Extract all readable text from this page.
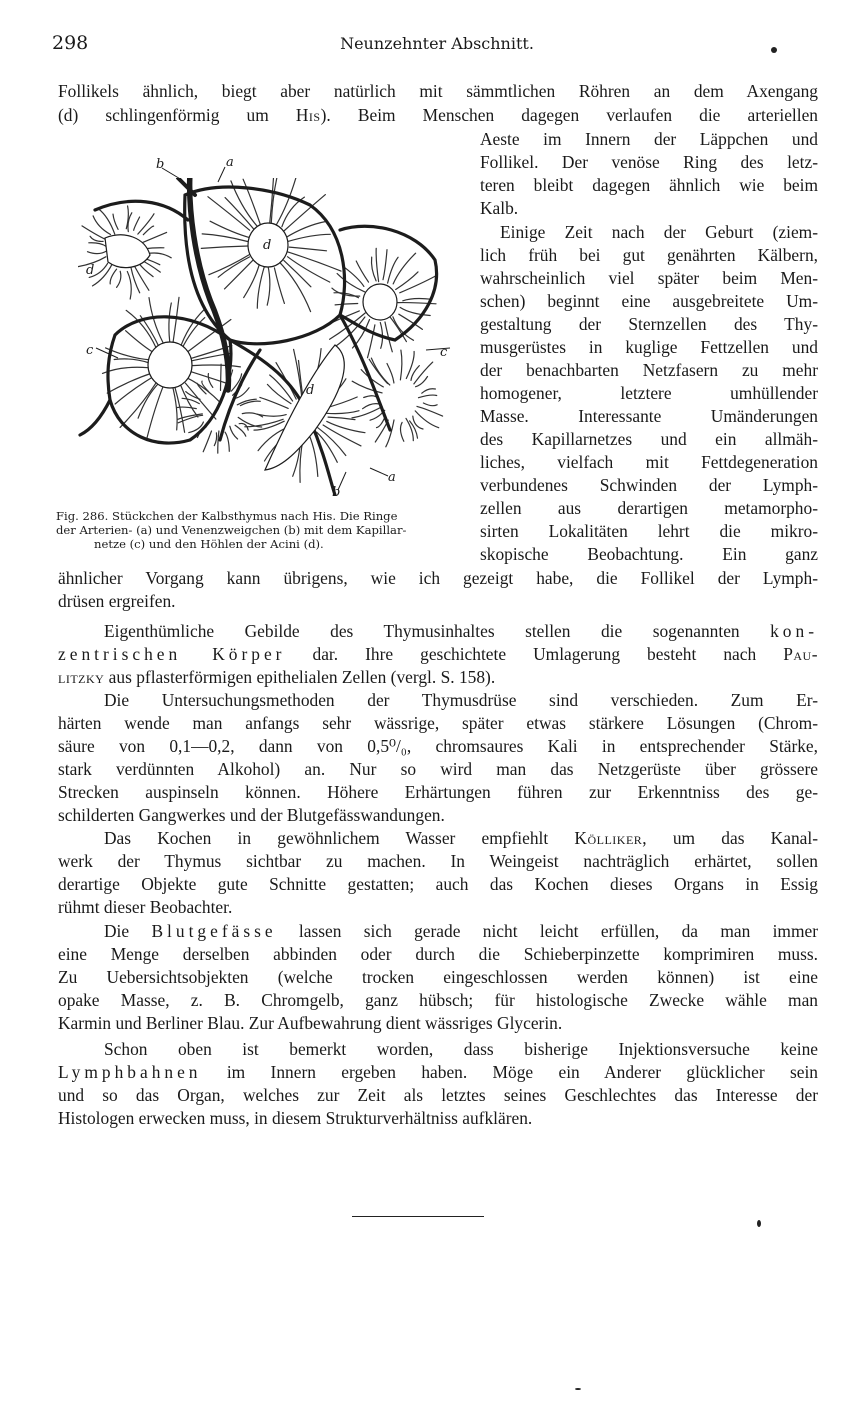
298	Neunzehnter Abschnitt.
Follikels ähnlich, biegt aber natürlich mit sämmtlichen Röhren an dem Axengang
(d) schlingenförmig um His). Beim Menschen dagegen verlaufen die arteriellen
b	a
d
d
c	c
d
a
b
Fig. 286. Stückchen der Kalbsthymus nach His. Die Ringe
der Arterien- (a) und Venenzweigchen (b) mit dem Kapillar-
netze (c) und den Höhlen der Acini (d).
Aeste im Innern der Läppchen und
Follikel. Der venöse Ring des letz-
teren bleibt dagegen ähnlich wie beim
Kalb.
Einige Zeit nach der Geburt (ziem-
lich früh bei gut genährten Kälbern,
wahrscheinlich viel später beim Men-
schen) beginnt eine ausgebreitete Um-
gestaltung der Sternzellen des Thy-
musgerüstes in kuglige Fettzellen und
der benachbarten Netzfasern zu mehr
homogener, letztere umhüllender
Masse. Interessante Umänderungen
des Kapillarnetzes und ein allmäh-
liches, vielfach mit Fettdegeneration
verbundenes Schwinden der Lymph-
zellen aus derartigen metamorpho-
sirten Lokalitäten lehrt die mikro-
skopische Beobachtung. Ein ganz
ähnlicher Vorgang kann übrigens, wie ich gezeigt habe, die Follikel der Lymph-
drüsen ergreifen.
Eigenthümliche Gebilde des Thymusinhaltes stellen die sogenannten kon-
zentrischen Körper dar. Ihre geschichtete Umlagerung besteht nach Pau-
litzky aus pflasterförmigen epithelialen Zellen (vergl. S. 158).
Die Untersuchungsmethoden der Thymusdrüse sind verschieden. Zum Er-
härten wende man anfangs sehr wässrige, später etwas stärkere Lösungen (Chrom-
säure von 0,1—0,2, dann von 0,5⁰/₀, chromsaures Kali in entsprechender Stärke,
stark verdünnten Alkohol) an. Nur so wird man das Netzgerüste über grössere
Strecken auspinseln können. Höhere Erhärtungen führen zur Erkenntniss des ge-
schilderten Gangwerkes und der Blutgefässwandungen.
Das Kochen in gewöhnlichem Wasser empfiehlt Kölliker, um das Kanal-
werk der Thymus sichtbar zu machen. In Weingeist nachträglich erhärtet, sollen
derartige Objekte gute Schnitte gestatten; auch das Kochen dieses Organs in Essig
rühmt dieser Beobachter.
Die Blutgefässe lassen sich gerade nicht leicht erfüllen, da man immer
eine Menge derselben abbinden oder durch die Schieberpinzette komprimiren muss.
Zu Uebersichtsobjekten (welche trocken eingeschlossen werden können) ist eine
opake Masse, z. B. Chromgelb, ganz hübsch; für histologische Zwecke wähle man
Karmin und Berliner Blau. Zur Aufbewahrung dient wässriges Glycerin.
Schon oben ist bemerkt worden, dass bisherige Injektionsversuche keine
Lymphbahnen im Innern ergeben haben. Möge ein Anderer glücklicher sein
und so das Organ, welches zur Zeit als letztes seines Geschlechtes das Interesse der
Histologen erwecken muss, in diesem Strukturverhältniss aufklären.
